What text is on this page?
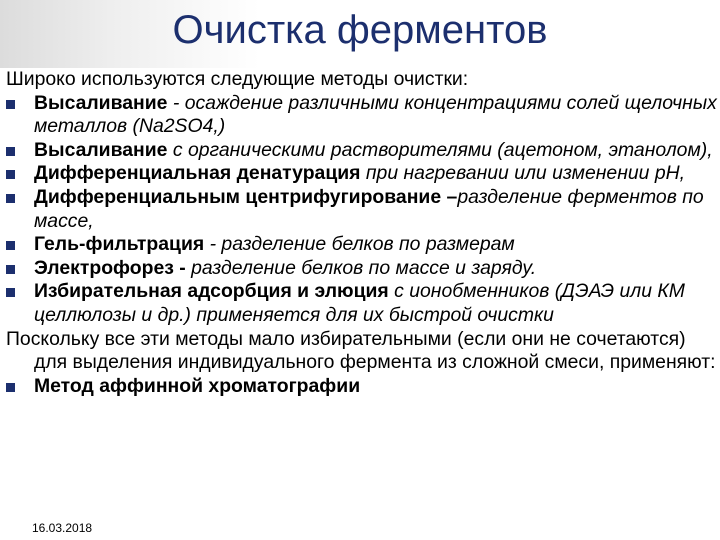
Очистка ферментов
Широко используются следующие методы очистки:
Высаливание - осаждение различными концентрациями солей щелочных металлов (Na2SO4,)
Высаливание с органическими растворителями (ацетоном, этанолом),
Дифференциальная денатурация при нагревании или изменении pH,
Дифференциальным центрифугирование –разделение ферментов по массе,
Гель-фильтрация - разделение белков по размерам
Электрофорез - разделение белков по массе и заряду.
Избирательная адсорбция и элюция с ионобменников (ДЭАЭ или КМ целлюлозы и др.) применяется для их быстрой очистки
Поскольку все эти методы мало избирательными (если они не сочетаются)
для выделения индивидуального фермента из сложной смеси, применяют:
Метод аффинной хроматографии
16.03.2018
